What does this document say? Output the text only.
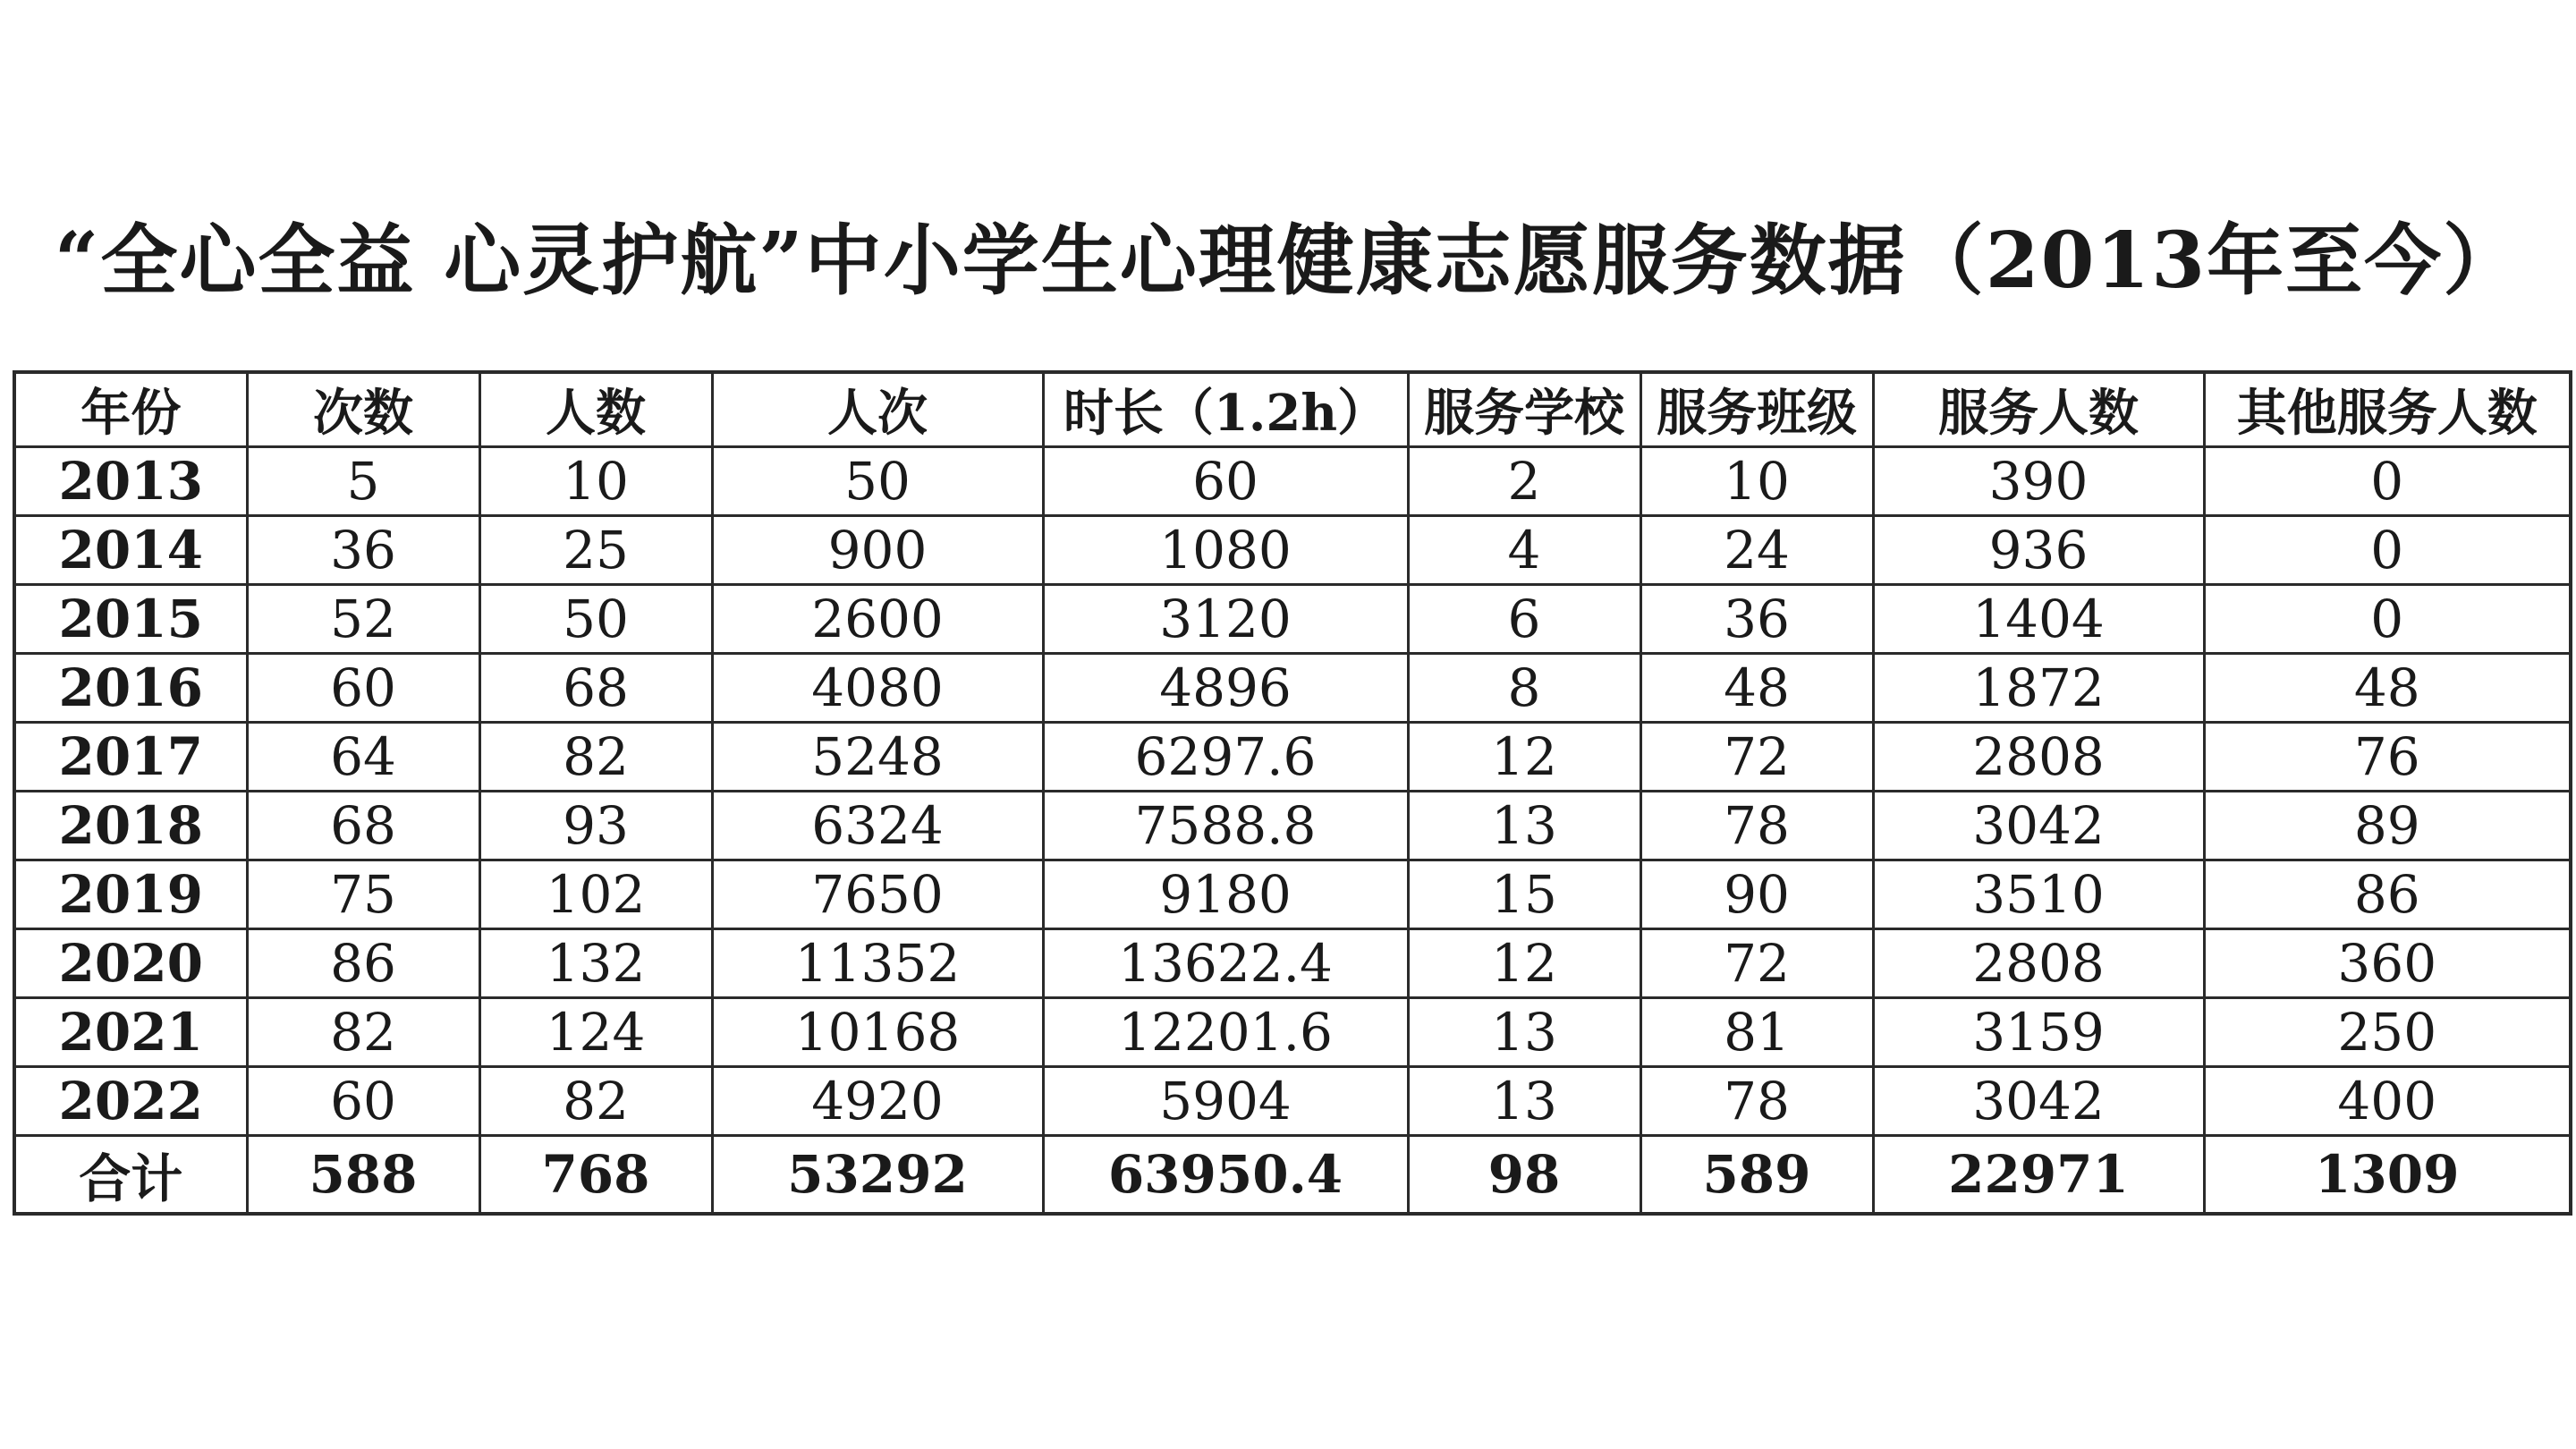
“全心全益 心灵护航”中小学生心理健康志愿服务数据（2013年至今）
年份	次数	人数	人次	时长（1.2h）	服务学校	服务班级	服务人数	其他服务人数
2013	5	10	50	60	2	10	390	0
2014	36	25	900	1080	4	24	936	0
2015	52	50	2600	3120	6	36	1404	0
2016	60	68	4080	4896	8	48	1872	48
2017	64	82	5248	6297.6	12	72	2808	76
2018	68	93	6324	7588.8	13	78	3042	89
2019	75	102	7650	9180	15	90	3510	86
2020	86	132	11352	13622.4	12	72	2808	360
2021	82	124	10168	12201.6	13	81	3159	250
2022	60	82	4920	5904	13	78	3042	400
合计	588	768	53292	63950.4	98	589	22971	1309
